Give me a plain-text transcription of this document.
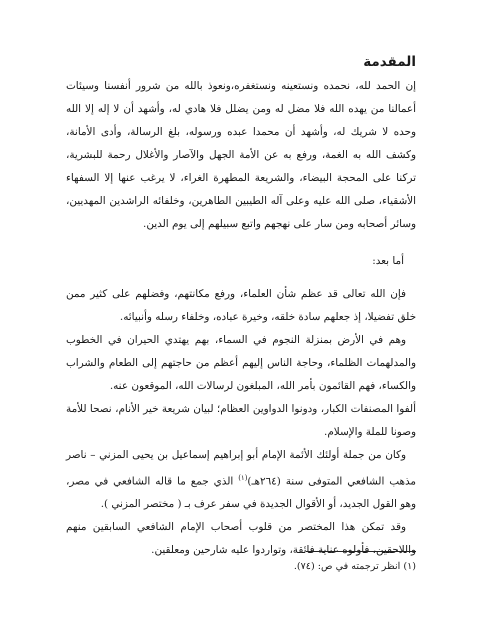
المقدمة

إن الحمد لله، نحمده ونستعينه ونستغفره،ونعوذ بالله من شرور أنفسنا وسيئات أعمالنا من يهده الله فلا مضل له ومن يضلل فلا هادي له، وأشهد أن لا إله إلا الله وحده لا شريك له، وأشهد أن محمدا عبده ورسوله، بلغ الرسالة، وأدى الأمانة، وكشف الله به الغمة، ورفع به عن الأمة الجهل والآصار والأغلال رحمة للبشرية، تركنا على المحجة البيضاء، والشريعة المطهرة الغراء، لا يرغب عنها إلا السفهاء الأشقياء، صلى الله عليه وعلى آله الطيبين الطاهرين، وخلفائه الراشدين المهديين، وسائر أصحابه ومن سار على نهجهم واتبع سبيلهم إلى يوم الدين.

أما بعد:

فإن الله تعالى قد عظم شأن العلماء، ورفع مكانتهم، وفضلهم على كثير ممن خلق تفضيلا، إذ جعلهم سادة خلقه، وخيرة عباده، وخلفاء رسله وأنبيائه.

وهم في الأرض بمنزلة النجوم في السماء، بهم يهتدي الحيران في الخطوب والمدلهمات الظلماء، وحاجة الناس إليهم أعظم من حاجتهم إلى الطعام والشراب والكساء، فهم القائمون بأمر الله، المبلغون لرسالات الله، الموقعون عنه.

ألفوا المصنفات الكبار، ودونوا الدواوين العظام؛ لبيان شريعة خير الأنام، نصحا للأمة وصونا للملة والإسلام.

وكان من جملة أولئك الأئمة الإمام أبو إبراهيم إسماعيل بن يحيى المزني – ناصر مذهب الشافعي المتوفى سنة (٢٦٤هـ)$^{(١)}$ الذي جمع ما قاله الشافعي في مصر، وهو القول الجديد، أو الأقوال الجديدة في سفر عرف بـ ( مختصر المزني ).

وقد تمكن هذا المختصر من قلوب أصحاب الإمام الشافعي السابقين منهم واللاحقين، فأولوه عناية فائقة، وتواردوا عليه شارحين ومعلقين.

(١) انظر ترجمته في ص: (٧٤).
